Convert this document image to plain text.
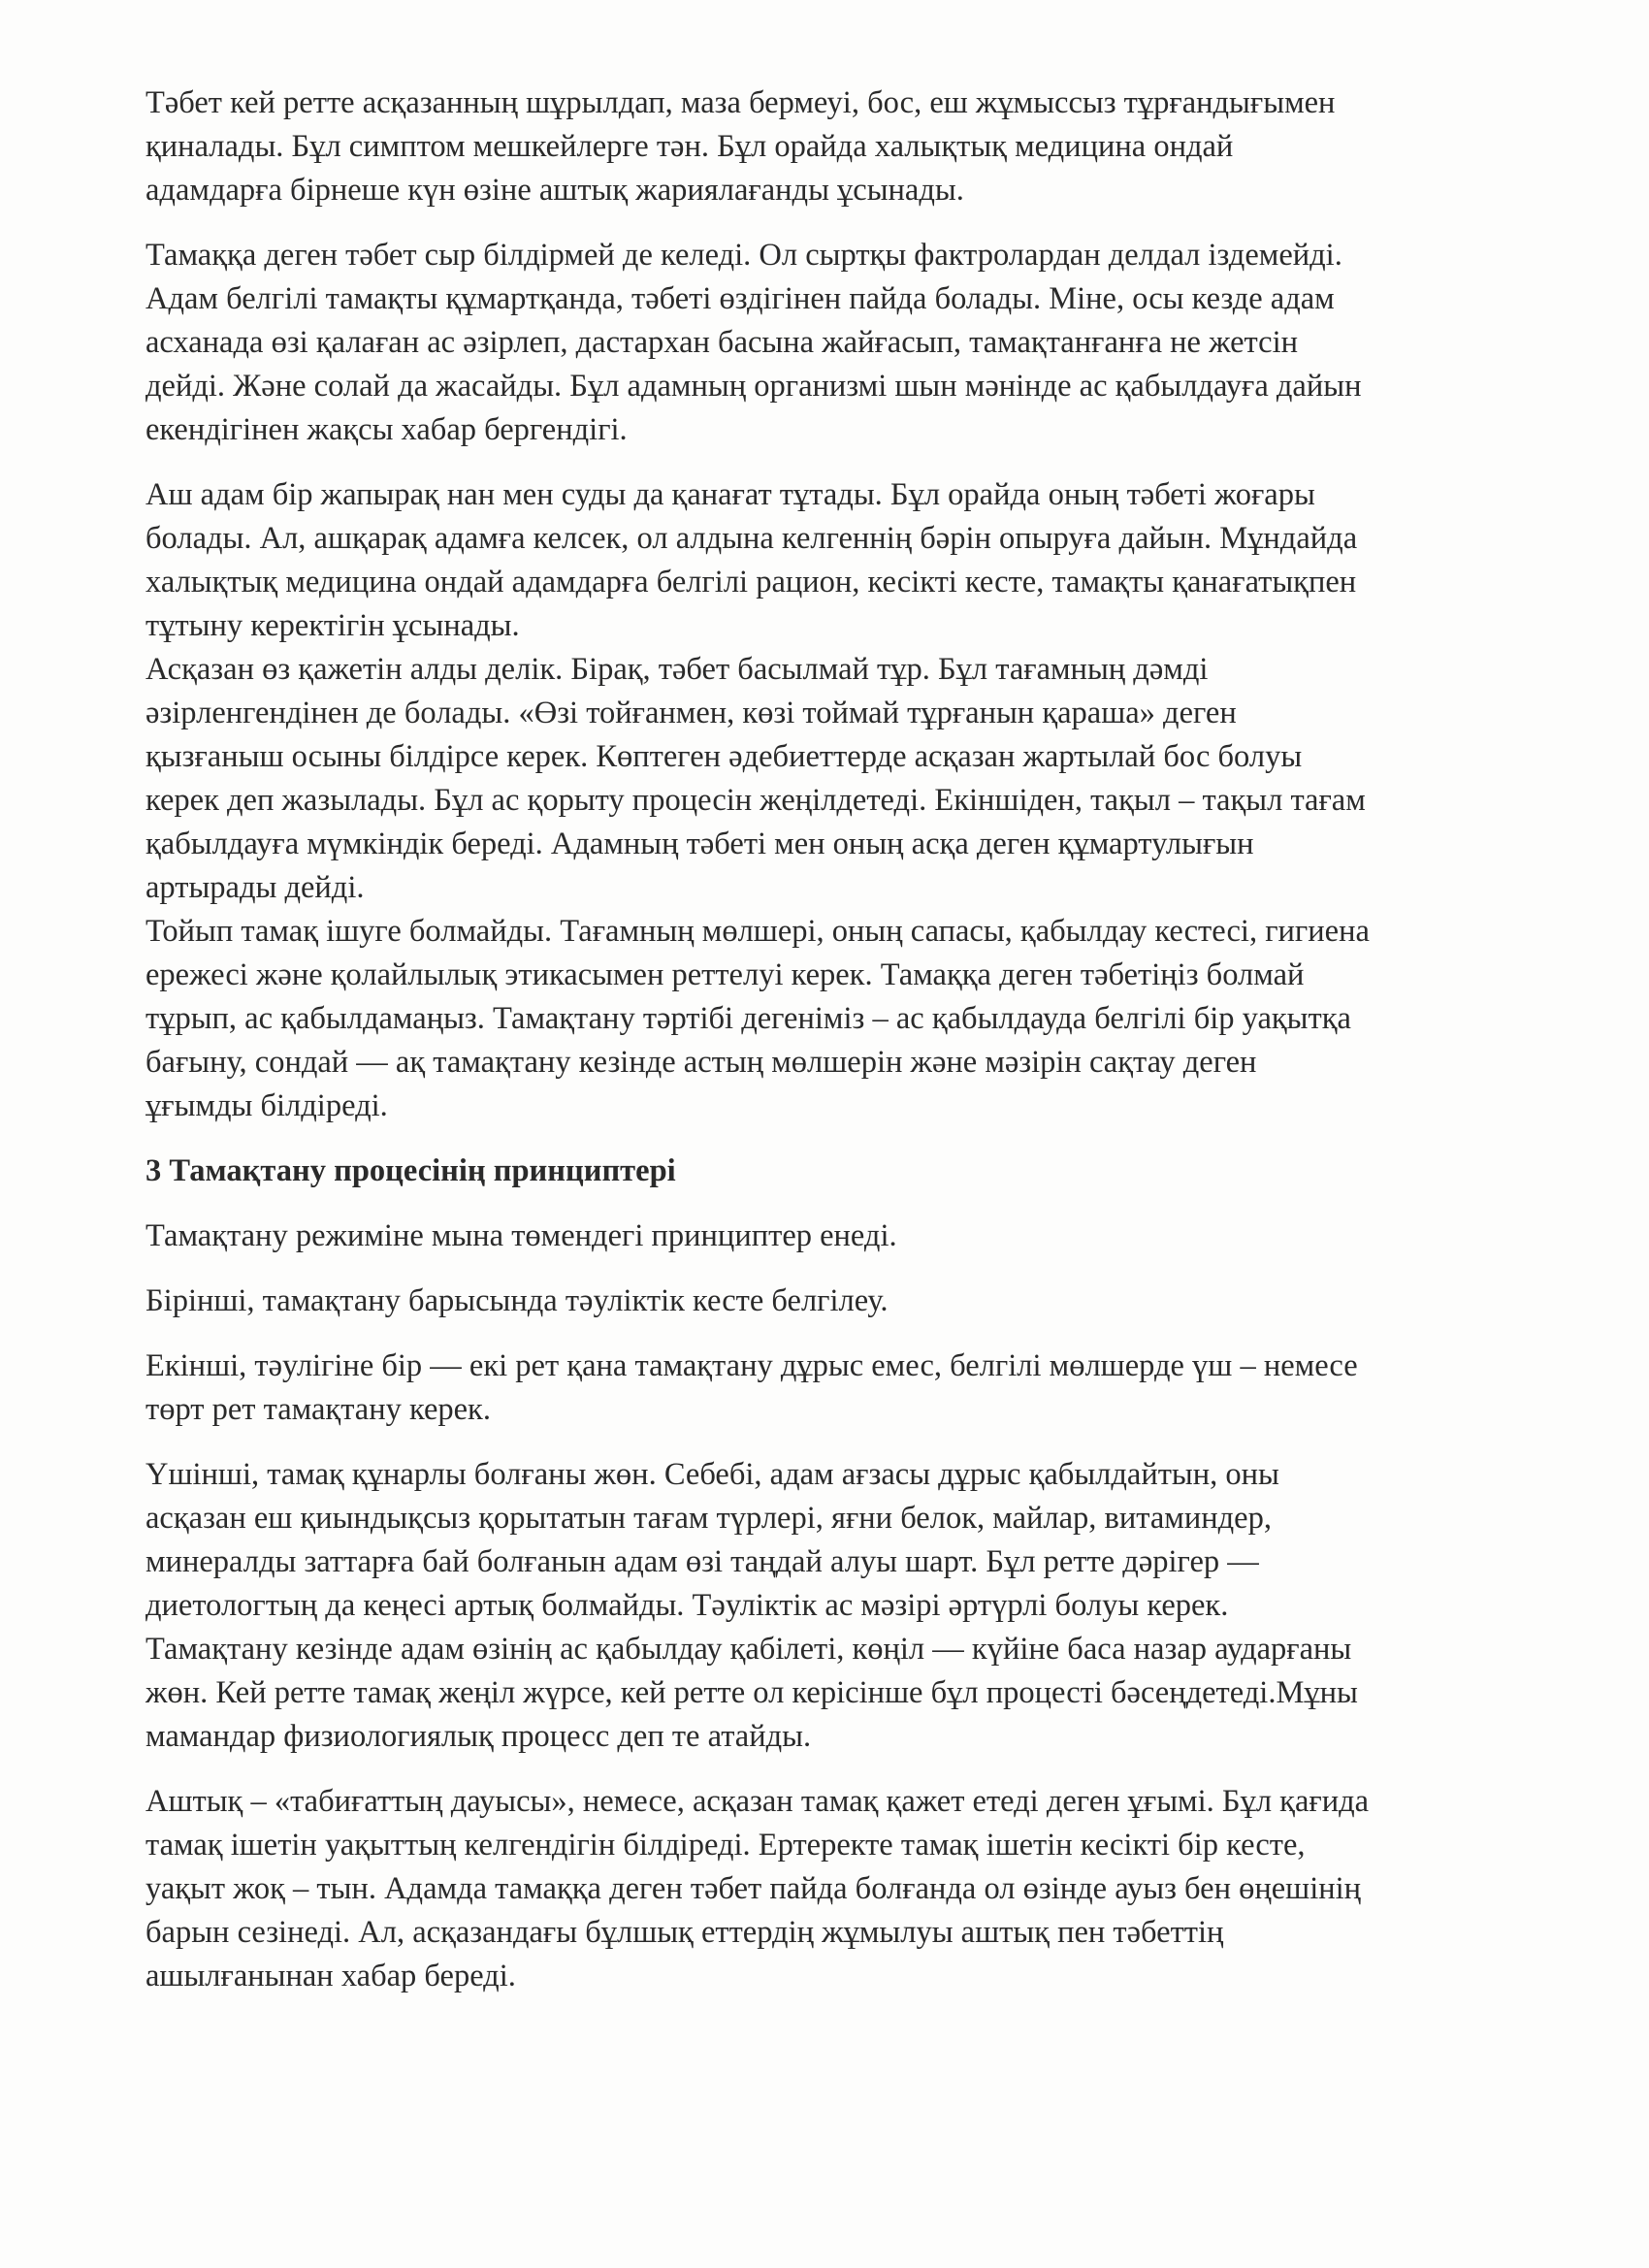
Тәбет кей ретте асқазанның шұрылдап, маза бермеуі, бос, еш жұмыссыз тұрғандығымен
қиналады. Бұл симптом мешкейлерге тән. Бұл орайда халықтық медицина ондай
адамдарға бірнеше күн өзіне аштық жариялағанды ұсынады.

Тамаққа деген тәбет сыр білдірмей де келеді. Ол сыртқы фактролардан делдал іздемейді.
Адам белгілі тамақты құмартқанда, тәбеті өздігінен пайда болады. Міне, осы кезде адам
асханада өзі қалаған ас әзірлеп, дастархан басына жайғасып, тамақтанғанға не жетсін
дейді. Және солай да жасайды. Бұл адамның организмі шын мәнінде ас қабылдауға дайын
екендігінен жақсы хабар бергендігі.

Аш адам бір жапырақ нан мен суды да қанағат тұтады. Бұл орайда оның тәбеті жоғары
болады. Ал, ашқарақ адамға келсек, ол алдына келгеннің бәрін опыруға дайын. Мұндайда
халықтық медицина ондай адамдарға белгілі рацион, кесікті кесте, тамақты қанағатықпен
тұтыну керектігін ұсынады.
Асқазан өз қажетін алды делік. Бірақ, тәбет басылмай тұр. Бұл тағамның дәмді
әзірленгендінен де болады. «Өзі тойғанмен, көзі тоймай тұрғанын қараша» деген
қызғаныш осыны білдірсе керек. Көптеген әдебиеттерде асқазан жартылай бос болуы
керек деп жазылады. Бұл ас қорыту процесін жеңілдетеді. Екіншіден, тақыл – тақыл тағам
қабылдауға мүмкіндік береді. Адамның тәбеті мен оның асқа деген құмартулығын
артырады дейді.
Тойып тамақ ішуге болмайды. Тағамның мөлшері, оның сапасы, қабылдау кестесі, гигиена
ережесі және қолайлылық этикасымен реттелуі керек. Тамаққа деген тәбетіңіз болмай
тұрып, ас қабылдамаңыз. Тамақтану тәртібі дегеніміз – ас қабылдауда белгілі бір уақытқа
бағыну, сондай — ақ тамақтану кезінде астың мөлшерін және мәзірін сақтау деген
ұғымды білдіреді.

3 Тамақтану процесінің принциптері

Тамақтану режиміне мына төмендегі принциптер енеді.

Бірінші, тамақтану барысында тәуліктік кесте белгілеу.

Екінші, тәулігіне бір — екі рет қана тамақтану дұрыс емес, белгілі мөлшерде үш – немесе
төрт рет тамақтану керек.

Үшінші, тамақ құнарлы болғаны жөн. Себебі, адам ағзасы дұрыс қабылдайтын, оны
асқазан еш қиындықсыз қорытатын тағам түрлері, яғни белок, майлар, витаминдер,
минералды заттарға бай болғанын адам өзі таңдай алуы шарт. Бұл ретте дәрігер —
диетологтың да кеңесі артық болмайды. Тәуліктік ас мәзірі әртүрлі болуы керек.
Тамақтану кезінде адам өзінің ас қабылдау қабілеті, көңіл — күйіне баса назар аударғаны
жөн. Кей ретте тамақ жеңіл жүрсе, кей ретте ол керісінше бұл процесті бәсеңдетеді.Мұны
мамандар физиологиялық процесс деп те атайды.

Аштық – «табиғаттың дауысы», немесе, асқазан тамақ қажет етеді деген ұғымі. Бұл қағида
тамақ ішетін уақыттың келгендігін білдіреді. Ертеректе тамақ ішетін кесікті бір кесте,
уақыт жоқ – тын. Адамда тамаққа деген тәбет пайда болғанда ол өзінде ауыз бен өңешінің
барын сезінеді. Ал, асқазандағы бұлшық еттердің жұмылуы аштық пен тәбеттің
ашылғанынан хабар береді.
